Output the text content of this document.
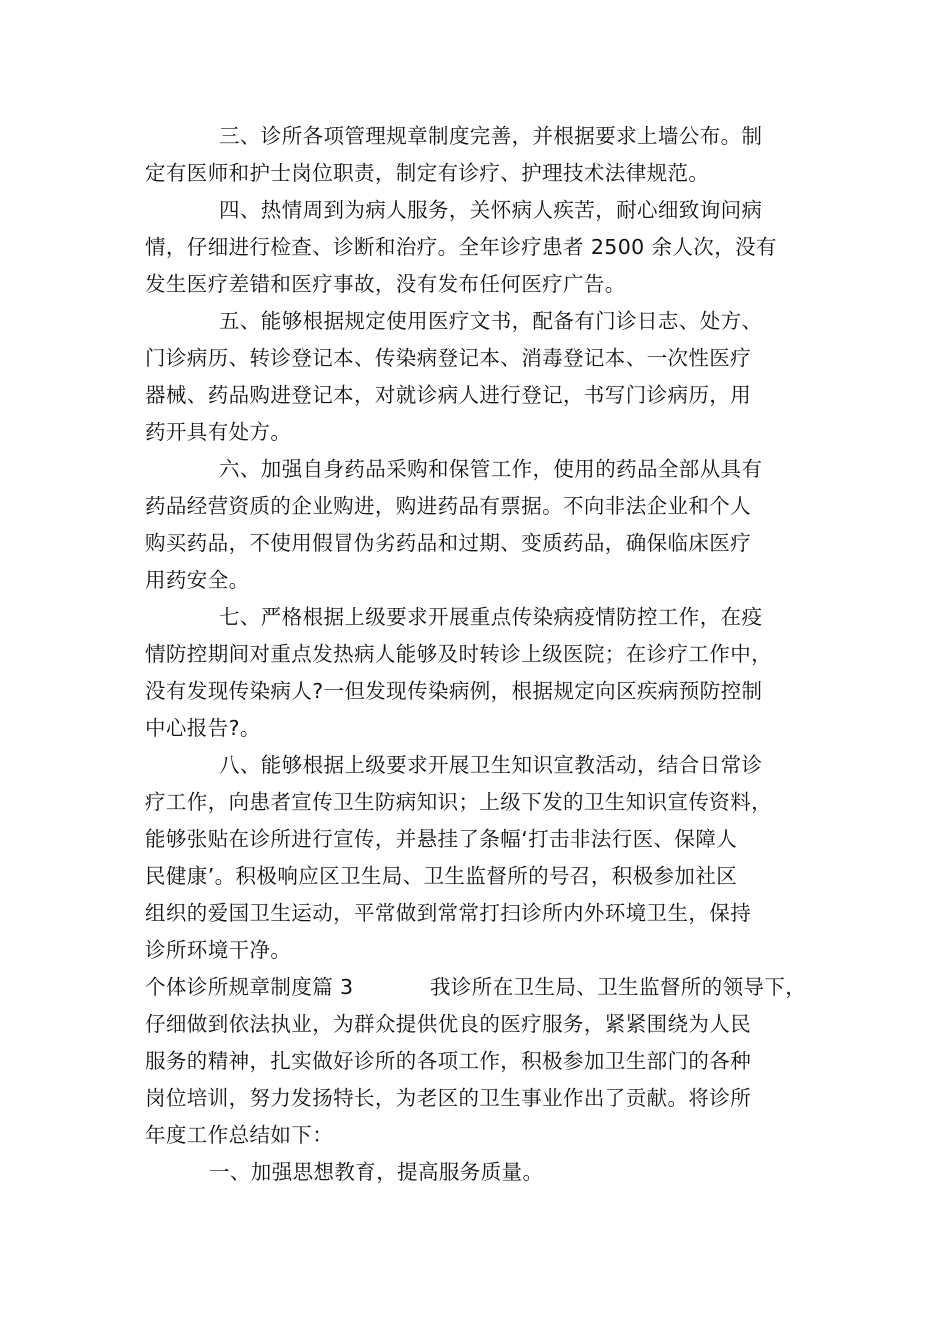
三、诊所各项管理规章制度完善，并根据要求上墙公布。制
定有医师和护士岗位职责，制定有诊疗、护理技术法律规范。
四、热情周到为病人服务，关怀病人疾苦，耐心细致询问病
情，仔细进行检查、诊断和治疗。全年诊疗患者 2500 余人次，没有
发生医疗差错和医疗事故，没有发布任何医疗广告。
五、能够根据规定使用医疗文书，配备有门诊日志、处方、
门诊病历、转诊登记本、传染病登记本、消毒登记本、一次性医疗
器械、药品购进登记本，对就诊病人进行登记，书写门诊病历，用
药开具有处方。
六、加强自身药品采购和保管工作，使用的药品全部从具有
药品经营资质的企业购进，购进药品有票据。不向非法企业和个人
购买药品，不使用假冒伪劣药品和过期、变质药品，确保临床医疗
用药安全。
七、严格根据上级要求开展重点传染病疫情防控工作，在疫
情防控期间对重点发热病人能够及时转诊上级医院；在诊疗工作中，
没有发现传染病人?一但发现传染病例，根据规定向区疾病预防控制
中心报告?。
八、能够根据上级要求开展卫生知识宣教活动，结合日常诊
疗工作，向患者宣传卫生防病知识；上级下发的卫生知识宣传资料，
能够张贴在诊所进行宣传，并悬挂了条幅‘打击非法行医、保障人
民健康’。积极响应区卫生局、卫生监督所的号召，积极参加社区
组织的爱国卫生运动，平常做到常常打扫诊所内外环境卫生，保持
诊所环境干净。
个体诊所规章制度篇 3	我诊所在卫生局、卫生监督所的领导下，
仔细做到依法执业，为群众提供优良的医疗服务，紧紧围绕为人民
服务的精神，扎实做好诊所的各项工作，积极参加卫生部门的各种
岗位培训，努力发扬特长，为老区的卫生事业作出了贡献。将诊所
年度工作总结如下：
一、加强思想教育，提高服务质量。
